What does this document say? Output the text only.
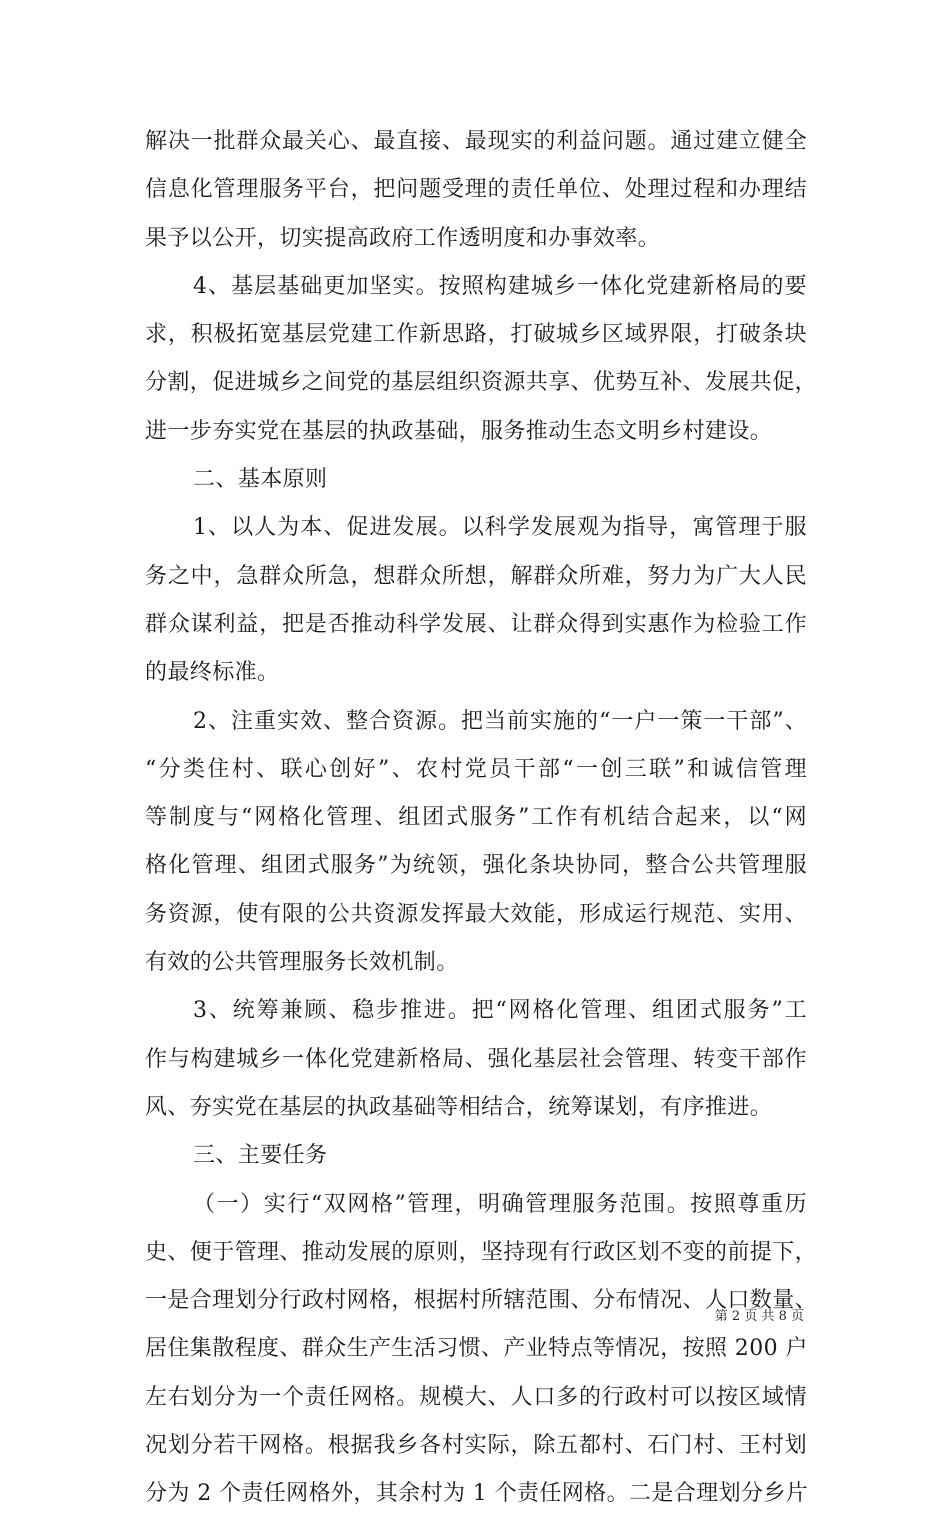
解决一批群众最关心、最直接、最现实的利益问题。通过建立健全
信息化管理服务平台，把问题受理的责任单位、处理过程和办理结
果予以公开，切实提高政府工作透明度和办事效率。
4、基层基础更加坚实。按照构建城乡一体化党建新格局的要
求，积极拓宽基层党建工作新思路，打破城乡区域界限，打破条块
分割，促进城乡之间党的基层组织资源共享、优势互补、发展共促，
进一步夯实党在基层的执政基础，服务推动生态文明乡村建设。
二、基本原则
1、以人为本、促进发展。以科学发展观为指导，寓管理于服
务之中，急群众所急，想群众所想，解群众所难，努力为广大人民
群众谋利益，把是否推动科学发展、让群众得到实惠作为检验工作
的最终标准。
2、注重实效、整合资源。把当前实施的“一户一策一干部”、
“分类住村、联心创好”、农村党员干部“一创三联”和诚信管理
等制度与“网格化管理、组团式服务”工作有机结合起来，以“网
格化管理、组团式服务”为统领，强化条块协同，整合公共管理服
务资源，使有限的公共资源发挥最大效能，形成运行规范、实用、
有效的公共管理服务长效机制。
3、统筹兼顾、稳步推进。把“网格化管理、组团式服务”工
作与构建城乡一体化党建新格局、强化基层社会管理、转变干部作
风、夯实党在基层的执政基础等相结合，统筹谋划，有序推进。
三、主要任务
（一）实行“双网格”管理，明确管理服务范围。按照尊重历
史、便于管理、推动发展的原则，坚持现有行政区划不变的前提下，
一是合理划分行政村网格，根据村所辖范围、分布情况、人口数量、
居住集散程度、群众生产生活习惯、产业特点等情况，按照 200 户
左右划分为一个责任网格。规模大、人口多的行政村可以按区域情
况划分若干网格。根据我乡各村实际，除五都村、石门村、王村划
分为 2 个责任网格外，其余村为 1 个责任网格。二是合理划分乡片
第 2 页 共 8 页
